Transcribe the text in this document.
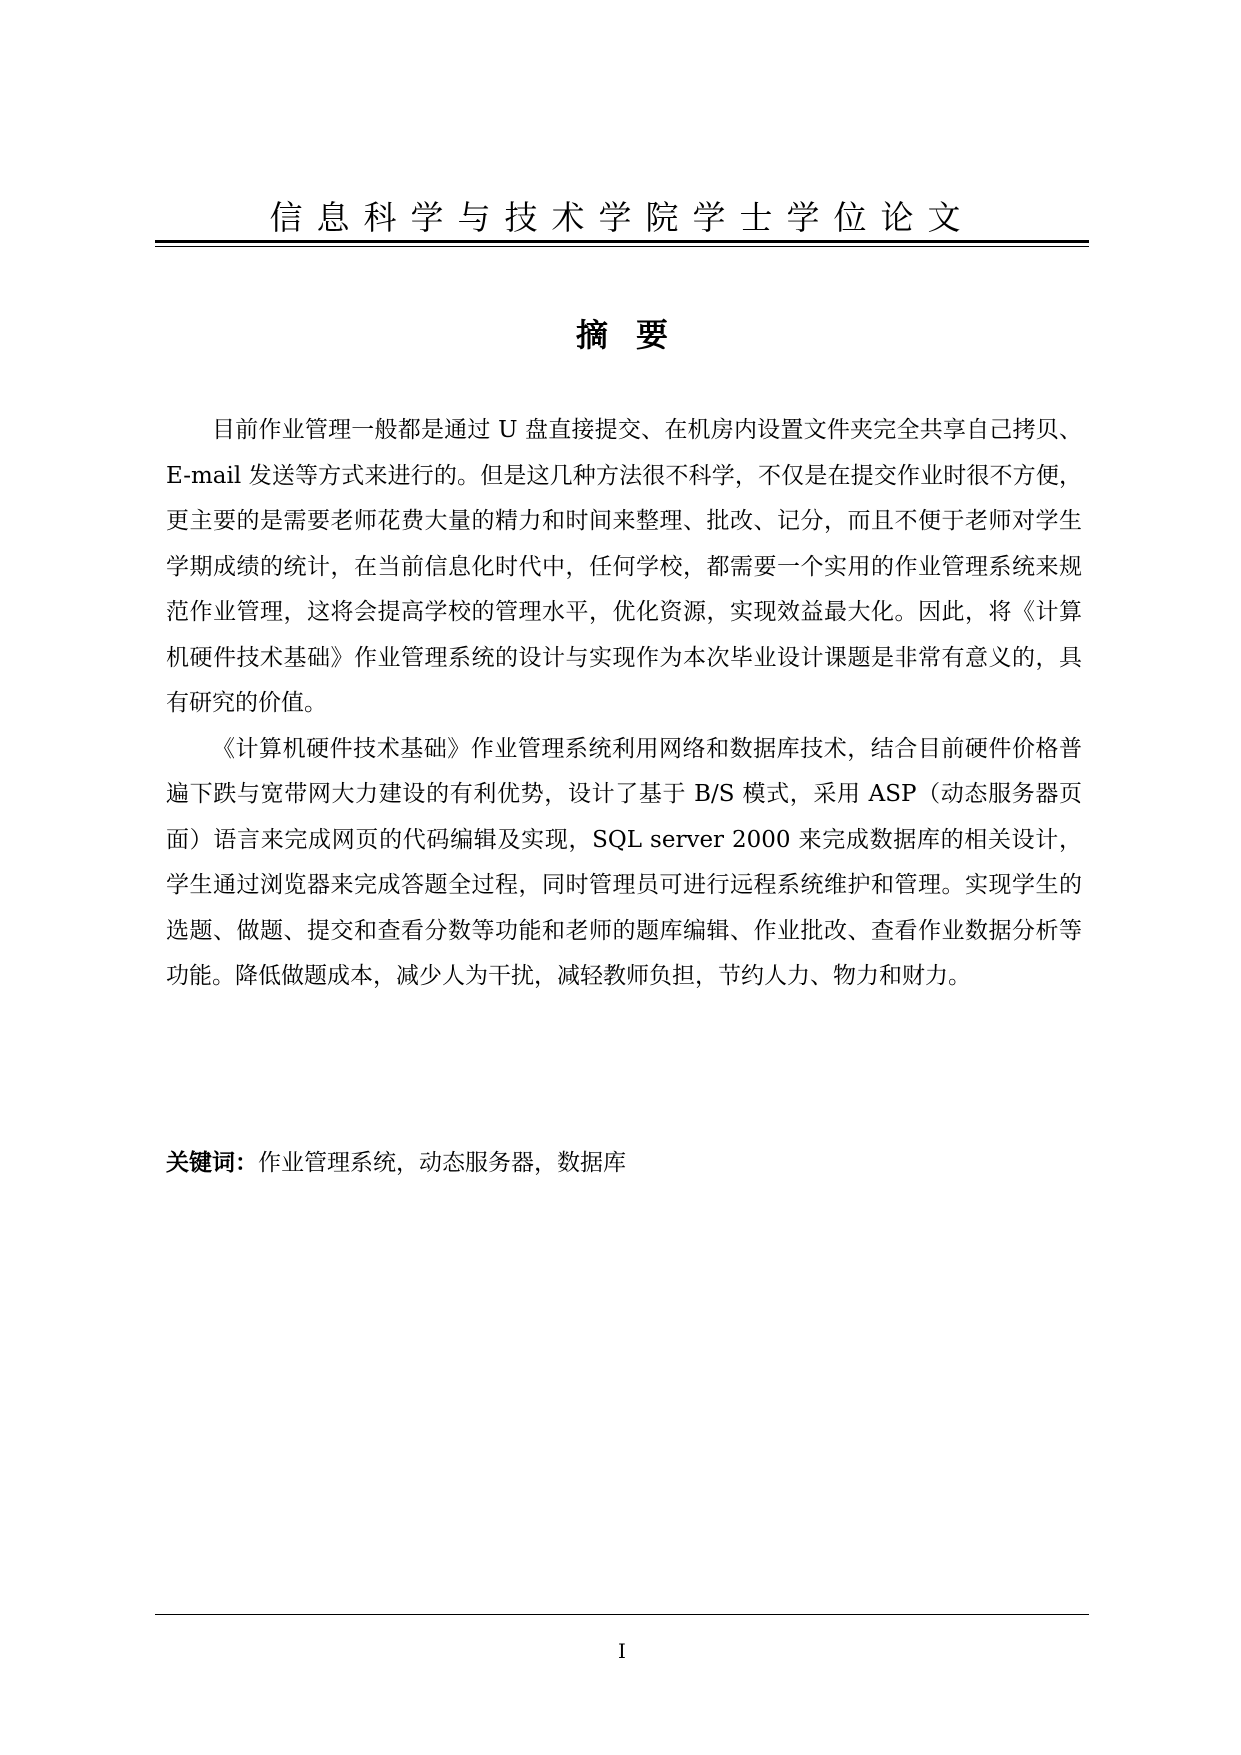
信息科学与技术学院学士学位论文
摘要

目前作业管理一般都是通过 U 盘直接提交、在机房内设置文件夹完全共享自己拷贝、E-mail 发送等方式来进行的。但是这几种方法很不科学，不仅是在提交作业时很不方便，更主要的是需要老师花费大量的精力和时间来整理、批改、记分，而且不便于老师对学生学期成绩的统计，在当前信息化时代中，任何学校，都需要一个实用的作业管理系统来规范作业管理，这将会提高学校的管理水平，优化资源，实现效益最大化。因此，将《计算机硬件技术基础》作业管理系统的设计与实现作为本次毕业设计课题是非常有意义的，具有研究的价值。

《计算机硬件技术基础》作业管理系统利用网络和数据库技术，结合目前硬件价格普遍下跌与宽带网大力建设的有利优势，设计了基于 B/S 模式，采用 ASP（动态服务器页面）语言来完成网页的代码编辑及实现，SQL server 2000 来完成数据库的相关设计，学生通过浏览器来完成答题全过程，同时管理员可进行远程系统维护和管理。实现学生的选题、做题、提交和查看分数等功能和老师的题库编辑、作业批改、查看作业数据分析等功能。降低做题成本，减少人为干扰，减轻教师负担，节约人力、物力和财力。

关键词：作业管理系统，动态服务器，数据库
I
